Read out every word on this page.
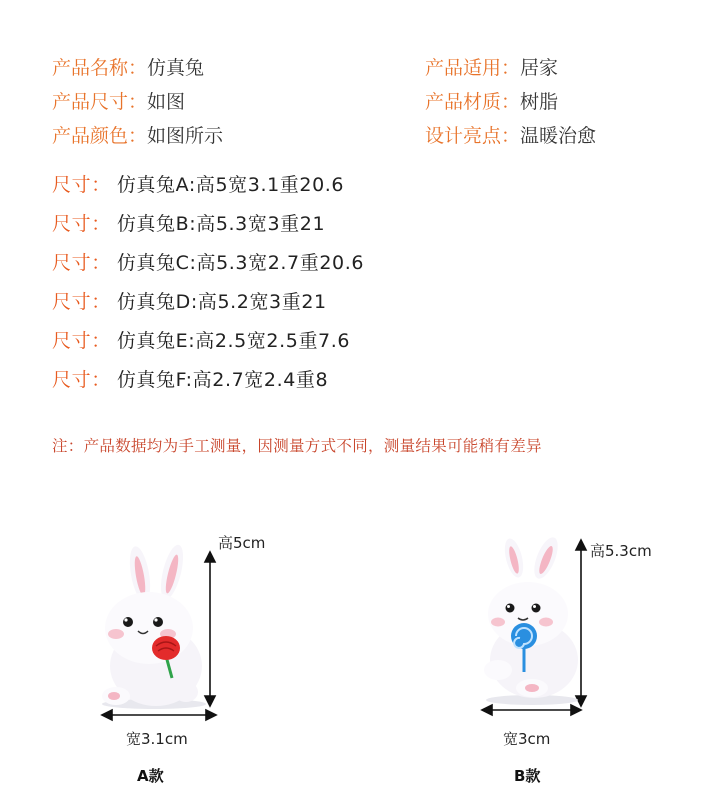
产品名称：仿真兔
产品尺寸：如图
产品颜色：如图所示
产品适用：居家
产品材质：树脂
设计亮点：温暖治愈
尺寸： 仿真兔A:高5宽3.1重20.6
尺寸： 仿真兔B:高5.3宽3重21
尺寸： 仿真兔C:高5.3宽2.7重20.6
尺寸： 仿真兔D:高5.2宽3重21
尺寸： 仿真兔E:高2.5宽2.5重7.6
尺寸： 仿真兔F:高2.7宽2.4重8
注：产品数据均为手工测量，因测量方式不同，测量结果可能稍有差异
高5cm
宽3.1cm
A款
高5.3cm
宽3cm
B款
